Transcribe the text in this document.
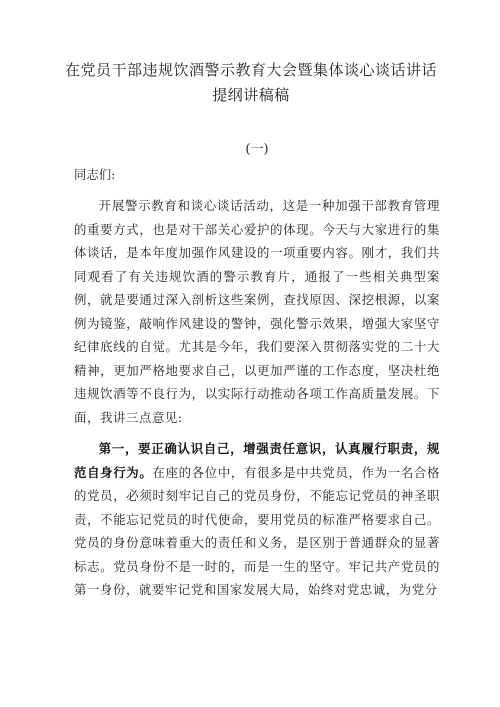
在党员干部违规饮酒警示教育大会暨集体谈心谈话讲话提纲讲稿稿
(一)
同志们:

开展警示教育和谈心谈话活动，这是一种加强干部教育管理的重要方式，也是对干部关心爱护的体现。今天与大家进行的集体谈话，是本年度加强作风建设的一项重要内容。刚才，我们共同观看了有关违规饮酒的警示教育片，通报了一些相关典型案例，就是要通过深入剖析这些案例，查找原因、深挖根源，以案例为镜鉴，敲响作风建设的警钟，强化警示效果，增强大家坚守纪律底线的自觉。尤其是今年，我们要深入贯彻落实党的二十大精神，更加严格地要求自己，以更加严谨的工作态度，坚决杜绝违规饮酒等不良行为，以实际行动推动各项工作高质量发展。下面，我讲三点意见:

第一，要正确认识自己，增强责任意识，认真履行职责，规范自身行为。在座的各位中，有很多是中共党员，作为一名合格的党员，必须时刻牢记自己的党员身份，不能忘记党员的神圣职责，不能忘记党员的时代使命，要用党员的标准严格要求自己。党员的身份意味着重大的责任和义务，是区别于普通群众的显著标志。党员身份不是一时的，而是一生的坚守。牢记共产党员的第一身份，就要牢记党和国家发展大局，始终对党忠诚，为党分
